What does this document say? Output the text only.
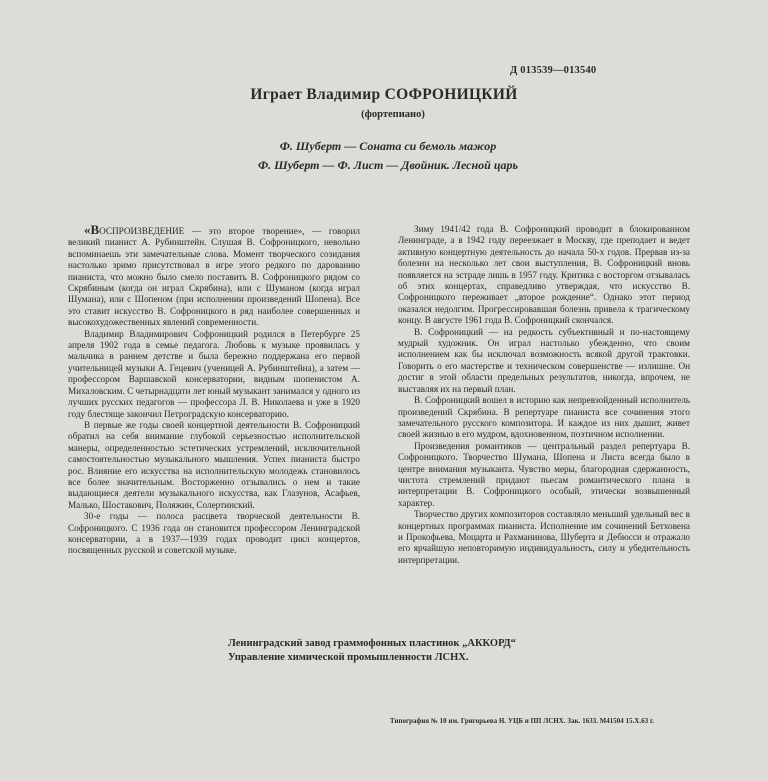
Д 013539—013540
Играет Владимир СОФРОНИЦКИЙ
(фортепиано)
Ф. Шуберт — Соната си бемоль мажор
Ф. Шуберт — Ф. Лист — Двойник. Лесной царь

«ВОСПРОИЗВЕДЕНИЕ — это второе творение», — говорил великий пианист А. Рубинштейн. Слушая В. Софроницкого, невольно вспоминаешь эти замечательные слова. Момент творческого созидания настолько зримо присутствовал в игре этого редкого по дарованию пианиста, что можно было смело поставить В. Софроницкого рядом со Скрябиным (когда он играл Скрябина), или с Шуманом (когда играл Шумана), или с Шопеном (при исполнении произведений Шопена). Все это ставит искусство В. Софроницкого в ряд наиболее совершенных и высокохудожественных явлений современности.

Владимир Владимирович Софроницкий родился в Петербурге 25 апреля 1902 года в семье педагога. Любовь к музыке проявилась у мальчика в раннем детстве и была бережно поддержана его первой учительницей музыки А. Гецевич (ученицей А. Рубинштейна), а затем — профессором Варшавской консерватории, видным шопенистом А. Михаловским. С четырнадцати лет юный музыкант занимался у одного из лучших русских педагогов — профессора Л. В. Николаева и уже в 1920 году блестяще закончил Петроградскую консерваторию.

В первые же годы своей концертной деятельности В. Софроницкий обратил на себя внимание глубокой серьезностью исполнительской манеры, определенностью эстетических устремлений, исключительной самостоятельностью музыкального мышления. Успех пианиста быстро рос. Влияние его искусства на исполнительскую молодежь становилось все более значительным. Восторженно отзывались о нем и такие выдающиеся деятели музыкального искусства, как Глазунов, Асафьев, Малько, Шостакович, Поляжин, Солертинский.

30-е годы — полоса расцвета творческой деятельности В. Софроницкого. С 1936 года он становится профессором Ленинградской консерватории, а в 1937—1939 годах проводит цикл концертов, посвященных русской и советской музыке.

Зиму 1941/42 года В. Софроницкий проводит в блокированном Ленинграде, а в 1942 году переезжает в Москву, где преподает и ведет активную концертную деятельность до начала 50-х годов. Прервав из-за болезни на несколько лет свои выступления, В. Софроницкий вновь появляется на эстраде лишь в 1957 году. Критика с восторгом отзывалась об этих концертах, справедливо утверждая, что искусство В. Софроницкого переживает „второе рождение“. Однако этот период оказался недолгим. Прогрессировавшая болезнь привела к трагическому концу. В августе 1961 года В. Софроницкий скончался.

В. Софроницкий — на редкость субъективный и по-настоящему мудрый художник. Он играл настолько убежденно, что своим исполнением как бы исключал возможность всякой другой трактовки. Говорить о его мастерстве и техническом совершенстве — излишне. Он достиг в этой области предельных результатов, никогда, впрочем, не выставляя их на первый план.

В. Софроницкий вошел в историю как непревзойденный исполнитель произведений Скрябина. В репертуаре пианиста все сочинения этого замечательного русского композитора. И каждое из них дышит, живет своей жизнью в его мудром, вдохновенном, поэтичном исполнении.

Произведения романтиков — центральный раздел репертуара В. Софроницкого. Творчество Шумана, Шопена и Листа всегда было в центре внимания музыканта. Чувство меры, благородная сдержанность, чистота стремлений придают пьесам романтического плана в интерпретации В. Софроницкого особый, этически возвышенный характер.

Творчество других композиторов составляло меньший удельный вес в концертных программах пианиста. Исполнение им сочинений Бетховена и Прокофьева, Моцарта и Рахманинова, Шуберта и Дебюсси и отражало его ярчайшую неповторимую индивидуальность, силу и убедительность интерпретации.

Ленинградский завод граммофонных пластинок „АККОРД“
Управление химической промышленности ЛСНХ.
Типография № 10 им. Григорьева Н. УЦБ и ПП ЛСНХ. Зак. 1633. М41504 15.Х.63 г.
